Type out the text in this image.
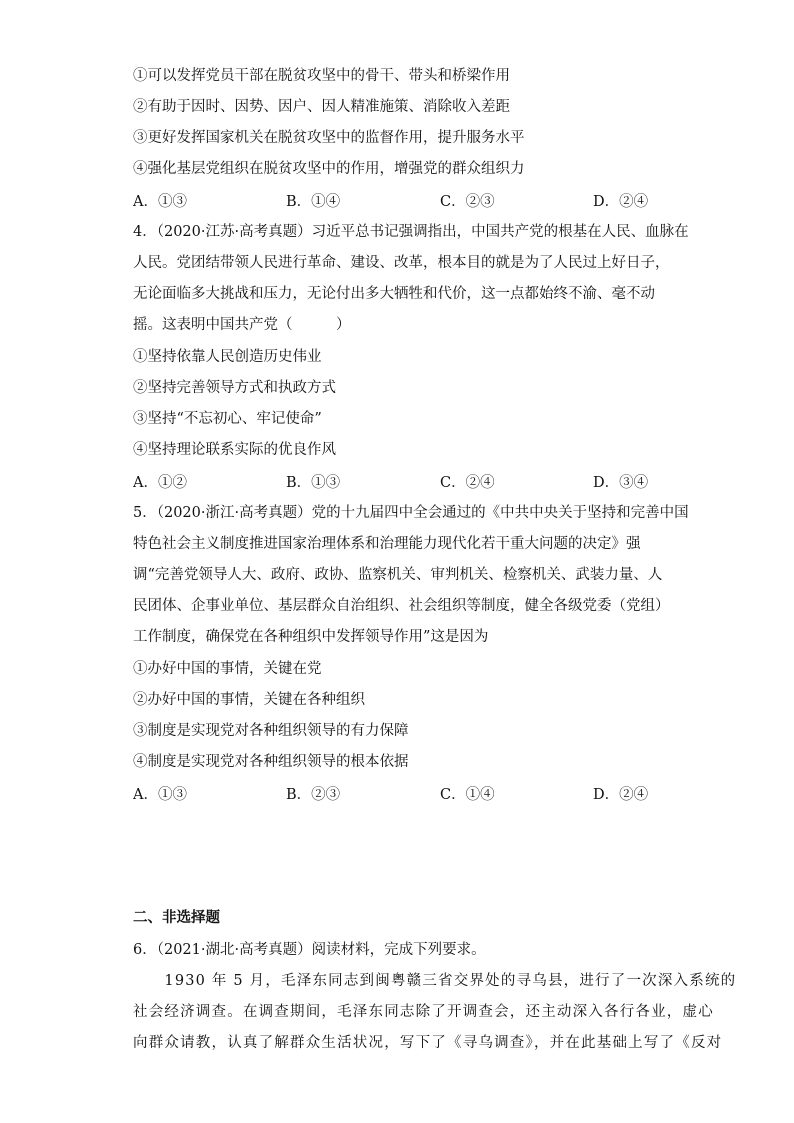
①可以发挥党员干部在脱贫攻坚中的骨干、带头和桥梁作用
②有助于因时、因势、因户、因人精准施策、消除收入差距
③更好发挥国家机关在脱贫攻坚中的监督作用，提升服务水平
④强化基层党组织在脱贫攻坚中的作用，增强党的群众组织力
A．①③	B．①④	C．②③	D．②④
4．（2020·江苏·高考真题）习近平总书记强调指出，中国共产党的根基在人民、血脉在
人民。党团结带领人民进行革命、建设、改革，根本目的就是为了人民过上好日子，
无论面临多大挑战和压力，无论付出多大牺牲和代价，这一点都始终不渝、毫不动
摇。这表明中国共产党（　　　）
①坚持依靠人民创造历史伟业
②坚持完善领导方式和执政方式
③坚持“不忘初心、牢记使命”
④坚持理论联系实际的优良作风
A．①②	B．①③	C．②④	D．③④
5．（2020·浙江·高考真题）党的十九届四中全会通过的《中共中央关于坚持和完善中国
特色社会主义制度推进国家治理体系和治理能力现代化若干重大问题的决定》强
调“完善党领导人大、政府、政协、监察机关、审判机关、检察机关、武装力量、人
民团体、企事业单位、基层群众自治组织、社会组织等制度，健全各级党委（党组）
工作制度，确保党在各种组织中发挥领导作用”这是因为
①办好中国的事情，关键在党
②办好中国的事情，关键在各种组织
③制度是实现党对各种组织领导的有力保障
④制度是实现党对各种组织领导的根本依据
A．①③	B．②③	C．①④	D．②④
二、非选择题
6．（2021·湖北·高考真题）阅读材料，完成下列要求。
　　1930 年 5 月，毛泽东同志到闽粤赣三省交界处的寻乌县，进行了一次深入系统的
社会经济调查。在调查期间，毛泽东同志除了开调查会，还主动深入各行各业，虚心
向群众请教，认真了解群众生活状况，写下了《寻乌调查》，并在此基础上写了《反对
